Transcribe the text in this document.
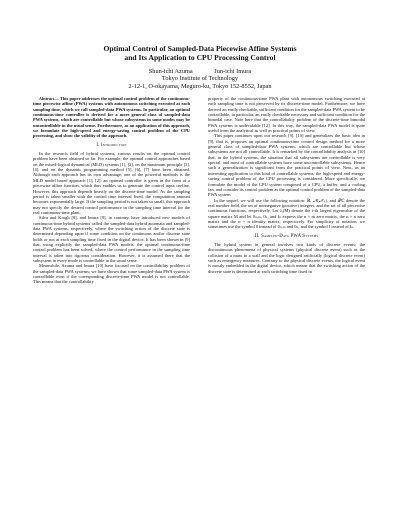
Optimal Control of Sampled-Data Piecewise Affine Systems
and Its Application to CPU Processing Control
Shun-ichi Azuma	Jun-ichi Imura
Tokyo Institute of Technology
2-12-1, O-okayama, Meguro-ku, Tokyo 152-8552, Japan

Abstract— This paper addresses the optimal control problem of the continuous-time piecewise affine (PWA) systems with autonomous switching executed at each sampling time, which we call sampled-data PWA systems. In particular, an optimal continuous-time controller is derived for a more general class of sampled-data PWA systems, which are controllable but whose subsystems in some modes may be uncontrollable in the usual sense. Furthermore, as an application of this approach, we formulate the high-speed and energy-saving control problem of the CPU processing, and show the validity of the approach.

I. Introduction

In the research field of hybrid systems, various results on the optimal control problem have been obtained so far. For example, the optimal control approaches based on the mixed-logical dynamical (MLD) systems [1], [2], on the maximum principle [3], [4], and on the dynamic programming method [5], [6], [7] have been obtained. Although each approach has its own advantage, one of the powerful methods is the MLD model based approach [1], [2]: an optimal controller is given in the form of a piecewise affine function, which thus enables us to generate the control input on-line. However, this approach depends heavily on the discrete-time model. As the sampling period is taken smaller with the control time interval fixed, the computation amount becomes exponentially large. If the sampling period is not taken so small, this approach may not specify the desired control performance in the sampling time interval for the real continuous-time plant.

Silva and Krogh [8], and Imura [9], in contrary, have introduced new models of continuous-time hybrid systems called the sampled-data hybrid automata and sampled-data PWA systems, respectively, where the switching action of the discrete state is determined depending upon if some condition on the continuous and/or discrete state holds or not at each sampling time fixed in the digital device. It has been shown in [9] that, using explicitly the sampled-data PWA models, the optimal continuous-time control problem has been solved, where the control performance in the sampling time interval is taken into rigorous consideration. However, it is assumed there that the subsystem in every mode is controllable in the usual sense.

Meanwhile, Azuma and Imura [10] have focused on the controllability problem of the sampled-data PWA systems; we have shown that some sampled-data PWA system is controllable even if the corresponding discrete-time PWA model is not controllable. This means that the controllability

property of the continuous-time PWA plant with autonomous switching executed at each sampling time is not preserved by its discrete-time model. Furthermore, we have derived an easily checkable, sufficient condition for the sampled-data PWA system to be controllable, in particular, an easily checkable necessary and sufficient condition for the bimodal case. Note here that the controllability problem of the discrete-time bimodal PWA systems is undecidable [12]. In this way, the sampled-data PWA model is quite useful from the analytical as well as practical points of view.

This paper continues upon our research [9], [10] and generalizes the basic idea in [9], that is, proposes an optimal continuous-time control design method for a more general class of sampled-data PWA systems, which are controllable but whose subsystems are not all controllable. It is remarked by the controllability analysis in [10] that, in the hybrid systems, the situation that all subsystems are controllable is very special, and most of controllable systems have some uncontrollable subsystems. Hence such a generalization is significant from the practical points of view. Next, as an interesting application to this kind of controllable systems, the high-speed and energy-saving control problem of the CPU processing is considered. More specifically, we formulate the model of the CPU system composed of a CPU, a buffer, and a cooling fan, and consider its control problem as the optimal control problem of the sampled-data PWA system.

In the sequel, we will use the following notation: ℝ, 𝒩(𝒩₊), and ℱℂ denote the real number field, the set of nonnegative (positive) integers, and the set of all piecewise continuous functions, respectively. Let λᵢ(M) denote the i-th largest eigenvalue of the square matrix M and let 0ₙ,ₘ, 0ₙ, and Iₙ express the n × m zero matrix, the n × n zero matrix and the n × n identity matrix, respectively. For simplicity of notation, we sometimes use the symbol 0 instead of 0ₙ,ₘ and 0ₙ, and the symbol I instead of Iₙ.

II. Sampled-Data PWA Systems

The hybrid system in general involves two kinds of discrete events; the discontinuous phenomena of physical systems (physical discrete event) such as the collision of a mass to a wall and the logic designed artificially (logical discrete event) such as emergency measures. Contrary to the physical discrete events, the logical event is mostly embedded in the digital device, which means that the switching action of the discrete state is determined at each switching time fixed in
